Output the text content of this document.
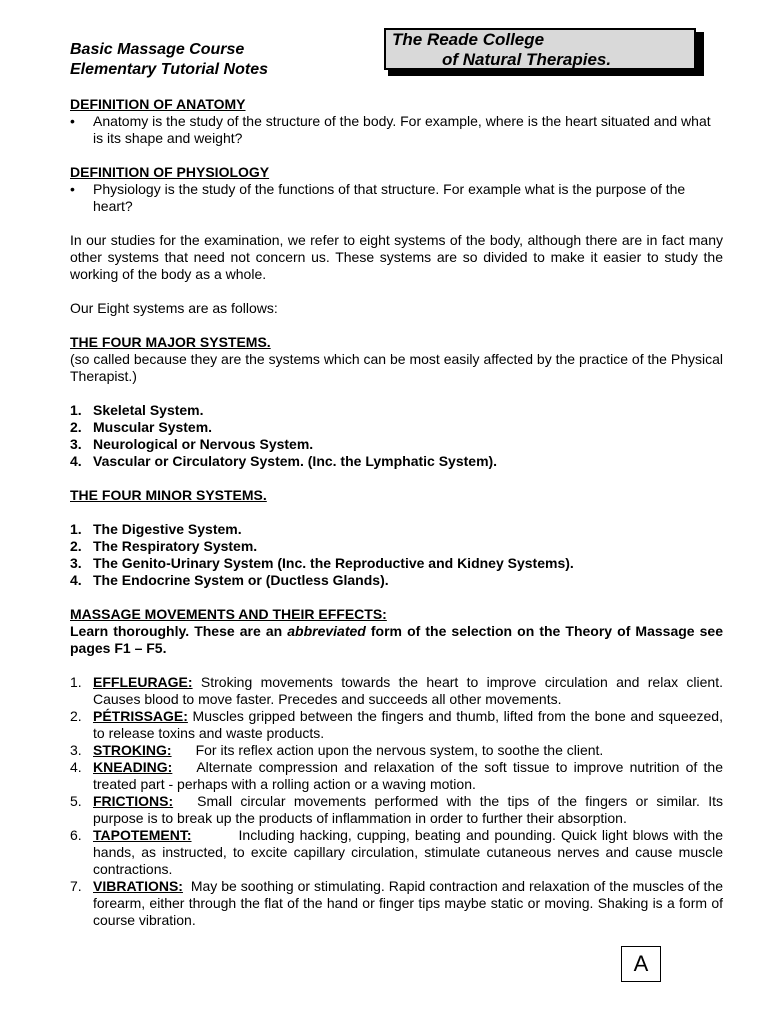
Basic Massage Course
Elementary Tutorial Notes
The Reade College
of Natural Therapies.
DEFINITION OF ANATOMY
•	Anatomy is the study of the structure of the body. For example, where is the heart situated and what is its shape and weight?
DEFINITION OF PHYSIOLOGY
•	Physiology is the study of the functions of that structure. For example what is the purpose of the heart?
In our studies for the examination, we refer to eight systems of the body, although there are in fact many other systems that need not concern us. These systems are so divided to make it easier to study the working of the body as a whole.
Our Eight systems are as follows:
THE FOUR MAJOR SYSTEMS.
(so called because they are the systems which can be most easily affected by the practice of the Physical Therapist.)
1. Skeletal System.
2. Muscular System.
3. Neurological or Nervous System.
4. Vascular or Circulatory System. (Inc. the Lymphatic System).
THE FOUR MINOR SYSTEMS.
1. The Digestive System.
2. The Respiratory System.
3. The Genito-Urinary System (Inc. the Reproductive and Kidney Systems).
4. The Endocrine System or (Ductless Glands).
MASSAGE MOVEMENTS AND THEIR EFFECTS:
Learn thoroughly. These are an abbreviated form of the selection on the Theory of Massage see pages F1 – F5.
1. EFFLEURAGE: Stroking movements towards the heart to improve circulation and relax client. Causes blood to move faster. Precedes and succeeds all other movements.
2. PÉTRISSAGE: Muscles gripped between the fingers and thumb, lifted from the bone and squeezed, to release toxins and waste products.
3. STROKING: For its reflex action upon the nervous system, to soothe the client.
4. KNEADING: Alternate compression and relaxation of the soft tissue to improve nutrition of the treated part - perhaps with a rolling action or a waving motion.
5. FRICTIONS: Small circular movements performed with the tips of the fingers or similar. Its purpose is to break up the products of inflammation in order to further their absorption.
6. TAPOTEMENT:	Including hacking, cupping, beating and pounding. Quick light blows with the hands, as instructed, to excite capillary circulation, stimulate cutaneous nerves and cause muscle contractions.
7. VIBRATIONS: May be soothing or stimulating. Rapid contraction and relaxation of the muscles of the forearm, either through the flat of the hand or finger tips maybe static or moving. Shaking is a form of course vibration.
A
